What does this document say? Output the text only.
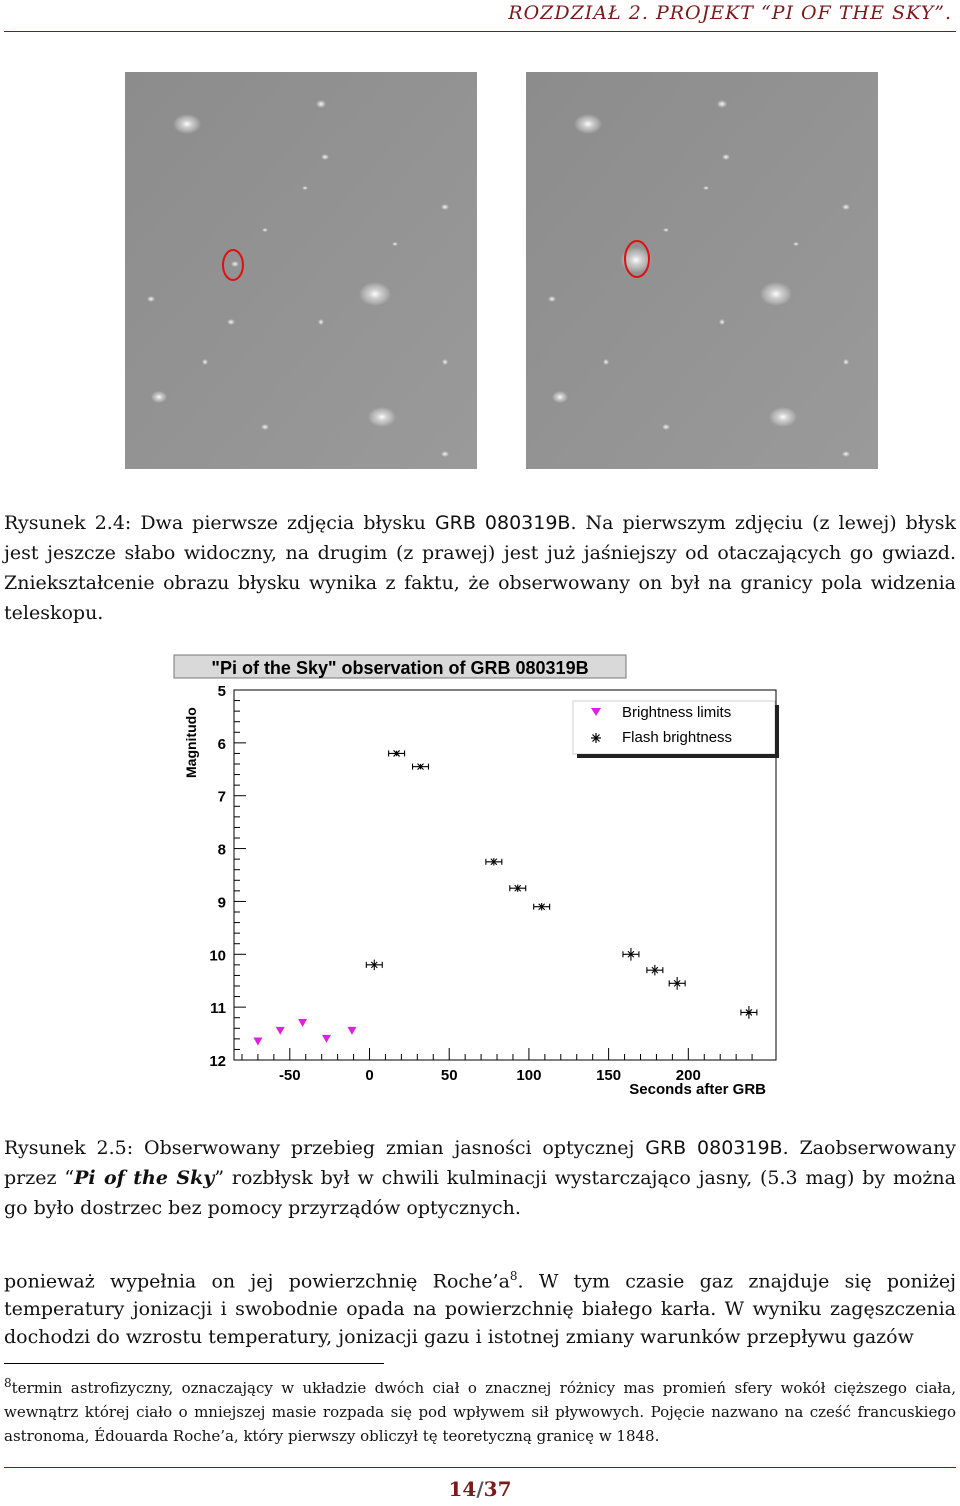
ROZDZIAŁ 2. PROJEKT “PI OF THE SKY”.
Rysunek 2.4: Dwa pierwsze zdjęcia błysku GRB 080319B. Na pierwszym zdjęciu (z lewej) błysk jest jeszcze słabo widoczny, na drugim (z prawej) jest już jaśniejszy od otaczających go gwiazd. Zniekształcenie obrazu błysku wynika z faktu, że obserwowany on był na granicy pola widzenia teleskopu.
"Pi of the Sky" observation of GRB 080319B
Magnitudo
Seconds after GRB
5
6
7
8
9
10
11
12
-50	0	50	100	150	200
Brightness limits
Flash brightness
Rysunek 2.5: Obserwowany przebieg zmian jasności optycznej GRB 080319B. Zaobserwowany przez “Pi of the Sky” rozbłysk był w chwili kulminacji wystarczająco jasny, (5.3 mag) by można go było dostrzec bez pomocy przyrządów optycznych.
ponieważ wypełnia on jej powierzchnię $Roche’a^8$. W tym czasie gaz znajduje się poniżej temperatury jonizacji i swobodnie opada na powierzchnię białego karła. W wyniku zagęszczenia dochodzi do wzrostu temperatury, jonizacji gazu i istotnej zmiany warunków przepływu gazów
$^8$termin astrofizyczny, oznaczający w układzie dwóch ciał o znacznej różnicy mas promień sfery wokół cięższego ciała, wewnątrz której ciało o mniejszej masie rozpada się pod wpływem sił pływowych. Pojęcie nazwano na cześć francuskiego astronoma, Édouarda Roche’a, który pierwszy obliczył tę teoretyczną granicę w 1848.
14/37
